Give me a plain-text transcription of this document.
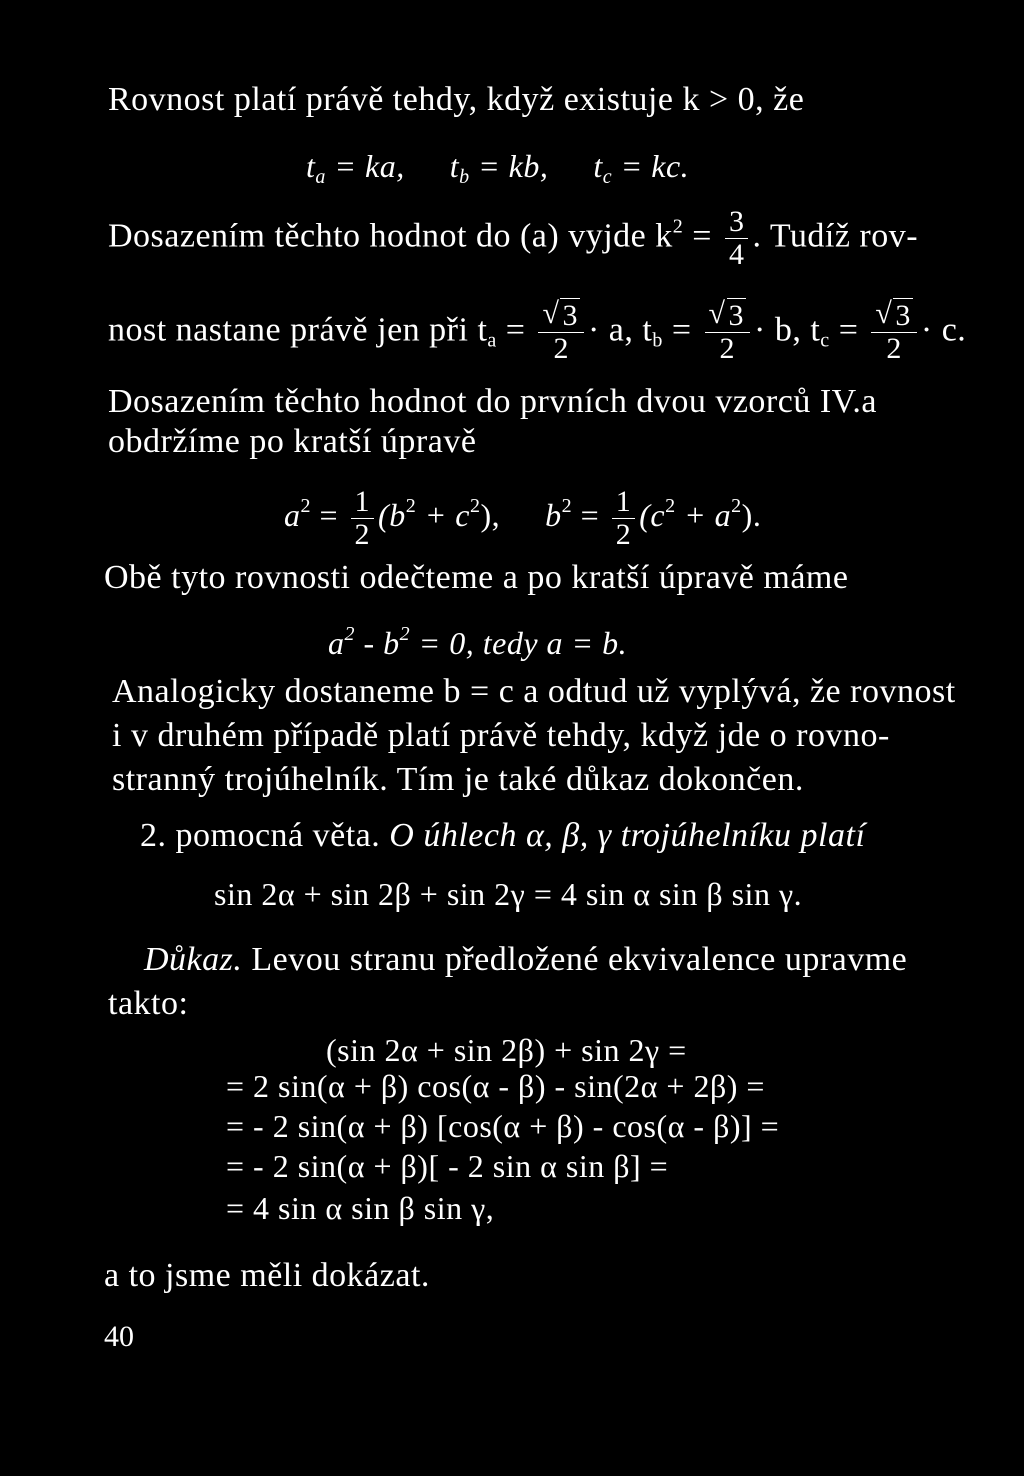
Rovnost platí právě tehdy, když existuje k > 0, že
$t_a$ = ka, $t_b$ = kb, $t_c$ = kc.
Dosazením těchto hodnot do (a) vyjde $k^2 = \frac{3}{4}$ . Tudíž rov-
nost nastane právě jen při $t_a$ = √ $\frac{3}{2} \cdot a$, $t_b$ = √ $\frac{3}{2} \cdot b$, $t_c$ = √ $\frac{3}{2} \cdot c$.
Dosazením těchto hodnot do prvních dvou vzorců IV.a
obdržíme po kratší úpravě
$a^2 = \frac{1}{2} (b^2 + c^2)$, $b^2 = \frac{1}{2} (c^2 + a^2)$.
Obě tyto rovnosti odečteme a po kratší úpravě máme
$a^2 - b^2 = 0$, tedy a = b.
Analogicky dostaneme b = c a odtud už vyplývá, že rovnost
i v druhém případě platí právě tehdy, když jde o rovno-
stranný trojúhelník. Tím je také důkaz dokončen.
2. pomocná věta. O úhlech α, β, γ trojúhelníku platí
sin 2α + sin 2β + sin 2γ = 4 sin α sin β sin γ.
Důkaz. Levou stranu předložené ekvivalence upravme
takto:
(sin 2α + sin 2β) + sin 2γ =
= 2 sin(α + β) cos(α - β) - sin(2α + 2β) =
= - 2 sin(α + β) [cos(α + β) - cos(α - β)] =
= - 2 sin(α + β)[ - 2 sin α sin β] =
= 4 sin α sin β sin γ,
a to jsme měli dokázat.
40
